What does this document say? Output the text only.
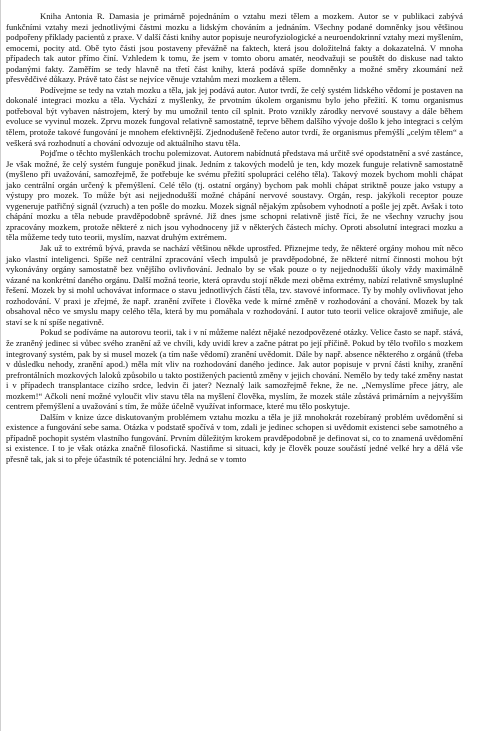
Kniha Antonia R. Damasia je primárně pojednáním o vztahu mezi tělem a mozkem. Autor se v publikaci zabývá funkčními vztahy mezi jednotlivými částmi mozku a lidským chováním a jednáním. Všechny podané domněnky jsou většinou podpořeny příklady pacientů z praxe. V další části knihy autor popisuje neurofyziologické a neuroendokrinní vztahy mezi myšlením, emocemi, pocity atd. Obě tyto části jsou postaveny převážně na faktech, která jsou doložitelná fakty a dokazatelná. V mnoha případech tak autor přímo činí. Vzhledem k tomu, že jsem v tomto oboru amatér, neodvažuji se pouštět do diskuse nad takto podanými fakty. Zaměřím se tedy hlavně na třetí část knihy, která podává spíše domněnky a možné směry zkoumání než přesvědčivé důkazy. Právě tato část se nejvíce věnuje vztahům mezi mozkem a tělem.

Podívejme se tedy na vztah mozku a těla, jak jej podává autor. Autor tvrdí, že celý systém lidského vědomí je postaven na dokonalé integraci mozku a těla. Vychází z myšlenky, že prvotním úkolem organismu bylo jeho přežití. K tomu organismus potřeboval být vybaven nástrojem, který by mu umožnil tento cíl splnit. Proto vznikly zárodky nervové soustavy a dále během evoluce se vyvinul mozek. Zprvu mozek fungoval relativně samostatně, teprve během dalšího vývoje došlo k jeho integraci s celým tělem, protože takové fungování je mnohem efektivnější. Zjednodušeně řečeno autor tvrdí, že organismus přemýšlí „celým tělem“ a veškerá svá rozhodnutí a chování odvozuje od aktuálního stavu těla.

Pojďme o těchto myšlenkách trochu polemizovat. Autorem nabídnutá představa má určitě své opodstatnění a své zastánce, Je však možné, že celý systém funguje poněkud jinak. Jedním z takových modelů je ten, kdy mozek funguje relativně samostatně (myšleno při uvažování, samozřejmě, že potřebuje ke svému přežití spolupráci celého těla). Takový mozek bychom mohli chápat jako centrální orgán určený k přemýšlení. Celé tělo (tj. ostatní orgány) bychom pak mohli chápat striktně pouze jako vstupy a výstupy pro mozek. To může být asi nejjednodušší možné chápání nervové soustavy. Orgán, resp. jakýkoli receptor pouze vygeneruje patřičný signál (vzruch) a ten pošle do mozku. Mozek signál nějakým způsobem vyhodnotí a pošle jej zpět. Avšak i toto chápání mozku a těla nebude pravděpodobně správné. Již dnes jsme schopni relativně jistě říci, že ne všechny vzruchy jsou zpracovány mozkem, protože některé z nich jsou vyhodnoceny již v některých částech míchy. Oproti absolutní integraci mozku a těla můžeme tedy tuto teorii, myslím, nazvat druhým extrémem.

Jak už to extrémů bývá, pravda se nachází většinou někde uprostřed. Přiznejme tedy, že některé orgány mohou mít něco jako vlastní inteligenci. Spíše než centrální zpracování všech impulsů je pravděpodobné, že některé nitrní činnosti mohou být vykonávány orgány samostatně bez vnějšího ovlivňování. Jednalo by se však pouze o ty nejjednodušší úkoly vždy maximálně vázané na konkrétní daného orgánu. Další možná teorie, která opravdu stojí někde mezi oběma extrémy, nabízí relativně smysluplné řešení. Mozek by si mohl uchovávat informace o stavu jednotlivých částí těla, tzv. stavové informace. Ty by mohly ovlivňovat jeho rozhodování. V praxi je zřejmé, že např. zranění zvířete i člověka vede k mírné změně v rozhodování a chování. Mozek by tak obsahoval něco ve smyslu mapy celého těla, která by mu pomáhala v rozhodování. I autor tuto teorii velice okrajově zmiňuje, ale staví se k ní spíše negativně.

Pokud se podíváme na autorovu teorii, tak i v ní můžeme nalézt nějaké nezodpovězené otázky. Velice často se např. stává, že zraněný jedinec si vůbec svého zranění až ve chvíli, kdy uvidí krev a začne pátrat po její příčině. Pokud by tělo tvořilo s mozkem integrovaný systém, pak by si musel mozek (a tím naše vědomí) zranění uvědomit. Dále by např. absence některého z orgánů (třeba v důsledku nehody, zranění apod.) měla mít vliv na rozhodování daného jedince. Jak autor popisuje v první části knihy, zranění prefrontálních mozkových laloků způsobilo u takto postižených pacientů změny v jejich chování. Nemělo by tedy také změny nastat i v případech transplantace cizího srdce, ledvin či jater? Neznalý laik samozřejmě řekne, že ne. „Nemyslíme přece játry, ale mozkem!“ Ačkoli není možné vyloučit vliv stavu těla na myšlení člověka, myslím, že mozek stále zůstává primárním a nejvyšším centrem přemýšlení a uvažování s tím, že může účelně využívat informace, které mu tělo poskytuje.

Dalším v knize úzce diskutovaným problémem vztahu mozku a těla je již mnohokrát rozebíraný problém uvědomění si existence a fungování sebe sama. Otázka v podstatě spočívá v tom, zdali je jedinec schopen si uvědomit existenci sebe samotného a případně pochopit systém vlastního fungování. Prvním důležitým krokem pravděpodobně je definovat si, co to znamená uvědomění si existence. I to je však otázka značně filosofická. Nastiňme si situaci, kdy je člověk pouze součástí jedné velké hry a dělá vše přesně tak, jak si to přeje účastník té potenciální hry. Jedná se v tomto
